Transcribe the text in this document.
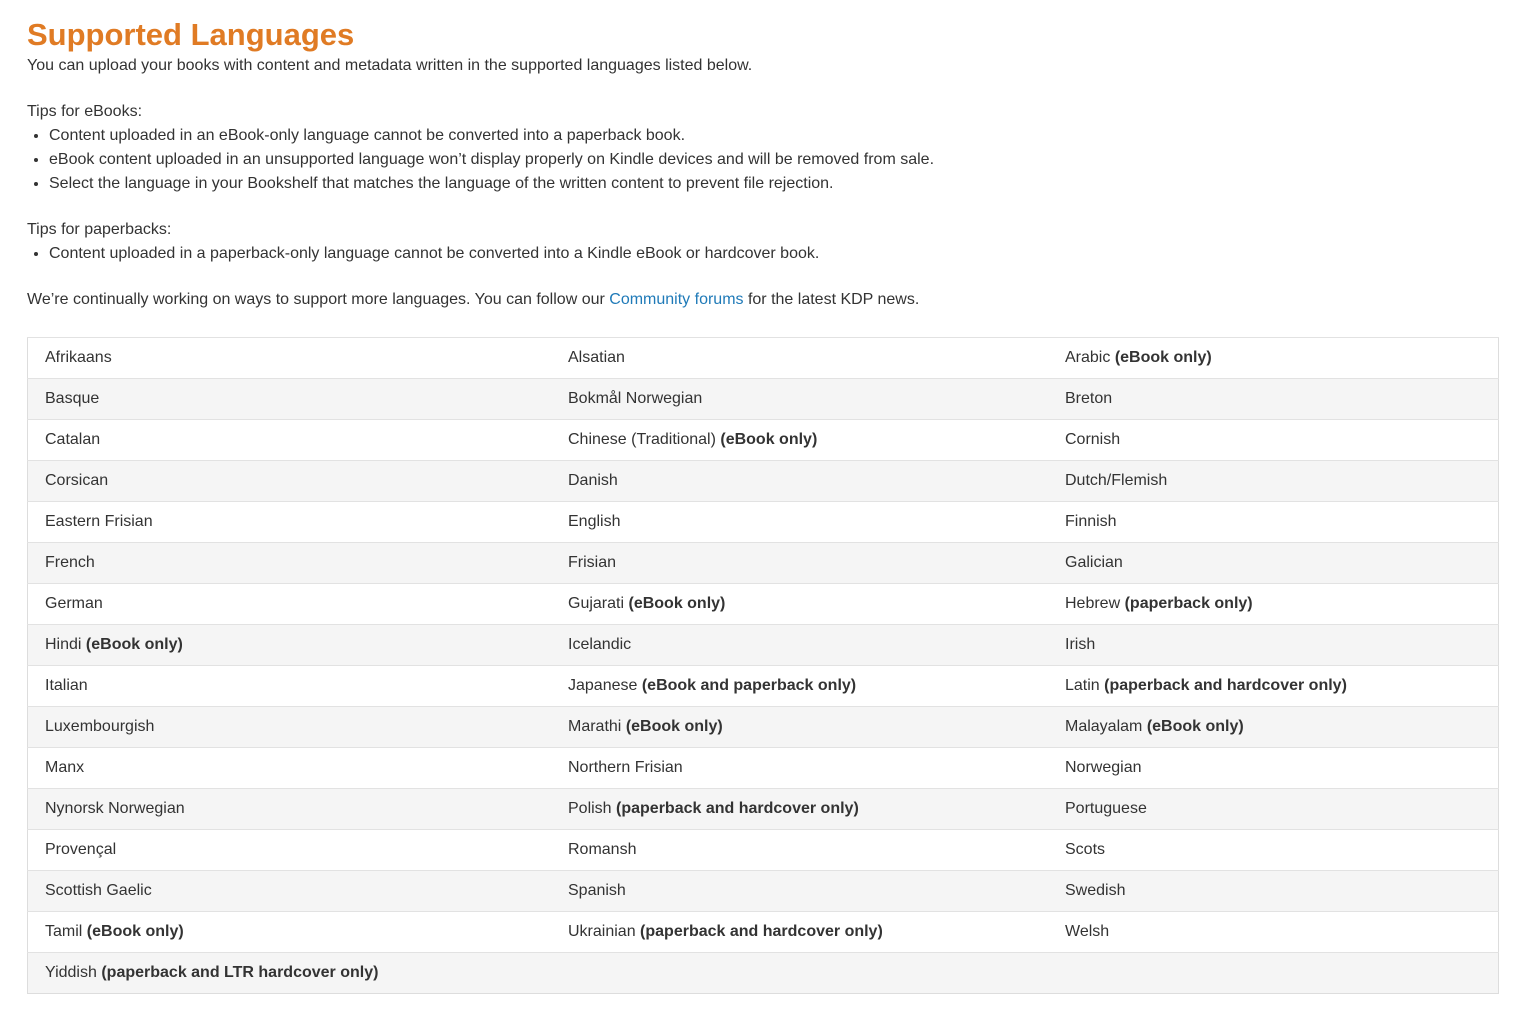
Supported Languages

You can upload your books with content and metadata written in the supported languages listed below.

Tips for eBooks:

• Content uploaded in an eBook-only language cannot be converted into a paperback book.
• eBook content uploaded in an unsupported language won’t display properly on Kindle devices and will be removed from sale.
• Select the language in your Bookshelf that matches the language of the written content to prevent file rejection.

Tips for paperbacks:

• Content uploaded in a paperback-only language cannot be converted into a Kindle eBook or hardcover book.

We’re continually working on ways to support more languages. You can follow our Community forums for the latest KDP news.

Afrikaans	Alsatian	Arabic (eBook only)
Basque	Bokmål Norwegian	Breton
Catalan	Chinese (Traditional) (eBook only)	Cornish
Corsican	Danish	Dutch/Flemish
Eastern Frisian	English	Finnish
French	Frisian	Galician
German	Gujarati (eBook only)	Hebrew (paperback only)
Hindi (eBook only)	Icelandic	Irish
Italian	Japanese (eBook and paperback only)	Latin (paperback and hardcover only)
Luxembourgish	Marathi (eBook only)	Malayalam (eBook only)
Manx	Northern Frisian	Norwegian
Nynorsk Norwegian	Polish (paperback and hardcover only)	Portuguese
Provençal	Romansh	Scots
Scottish Gaelic	Spanish	Swedish
Tamil (eBook only)	Ukrainian (paperback and hardcover only)	Welsh
Yiddish (paperback and LTR hardcover only)		
